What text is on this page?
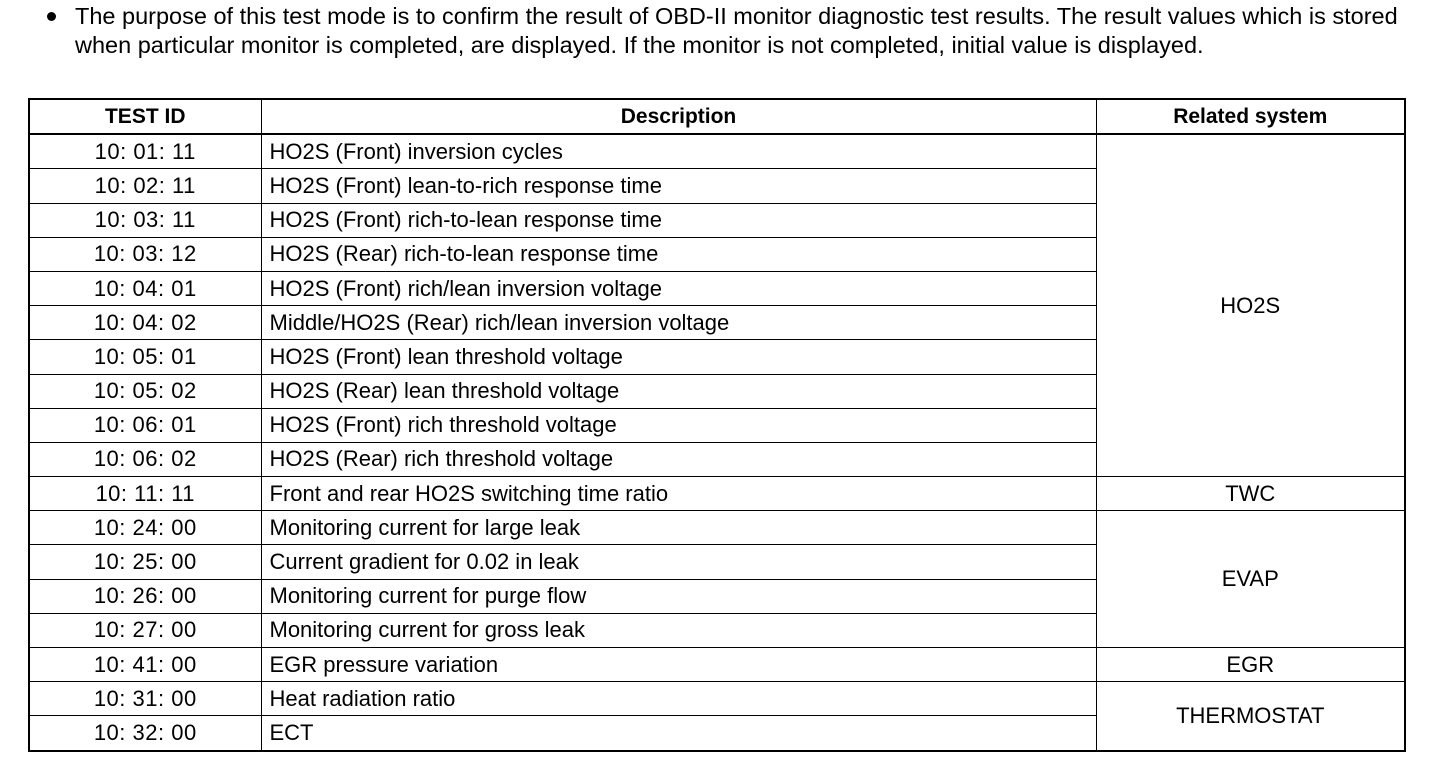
The purpose of this test mode is to confirm the result of OBD-II monitor diagnostic test results. The result values which is stored when particular monitor is completed, are displayed. If the monitor is not completed, initial value is displayed.
TEST ID	Description	Related system
10: 01: 11	HO2S (Front) inversion cycles	HO2S
10: 02: 11	HO2S (Front) lean-to-rich response time	
10: 03: 11	HO2S (Front) rich-to-lean response time	
10: 03: 12	HO2S (Rear) rich-to-lean response time	
10: 04: 01	HO2S (Front) rich/lean inversion voltage	
10: 04: 02	Middle/HO2S (Rear) rich/lean inversion voltage	
10: 05: 01	HO2S (Front) lean threshold voltage	
10: 05: 02	HO2S (Rear) lean threshold voltage	
10: 06: 01	HO2S (Front) rich threshold voltage	
10: 06: 02	HO2S (Rear) rich threshold voltage	
10: 11: 11	Front and rear HO2S switching time ratio	TWC
10: 24: 00	Monitoring current for large leak	EVAP
10: 25: 00	Current gradient for 0.02 in leak	
10: 26: 00	Monitoring current for purge flow	
10: 27: 00	Monitoring current for gross leak	
10: 41: 00	EGR pressure variation	EGR
10: 31: 00	Heat radiation ratio	THERMOSTAT
10: 32: 00	ECT	
